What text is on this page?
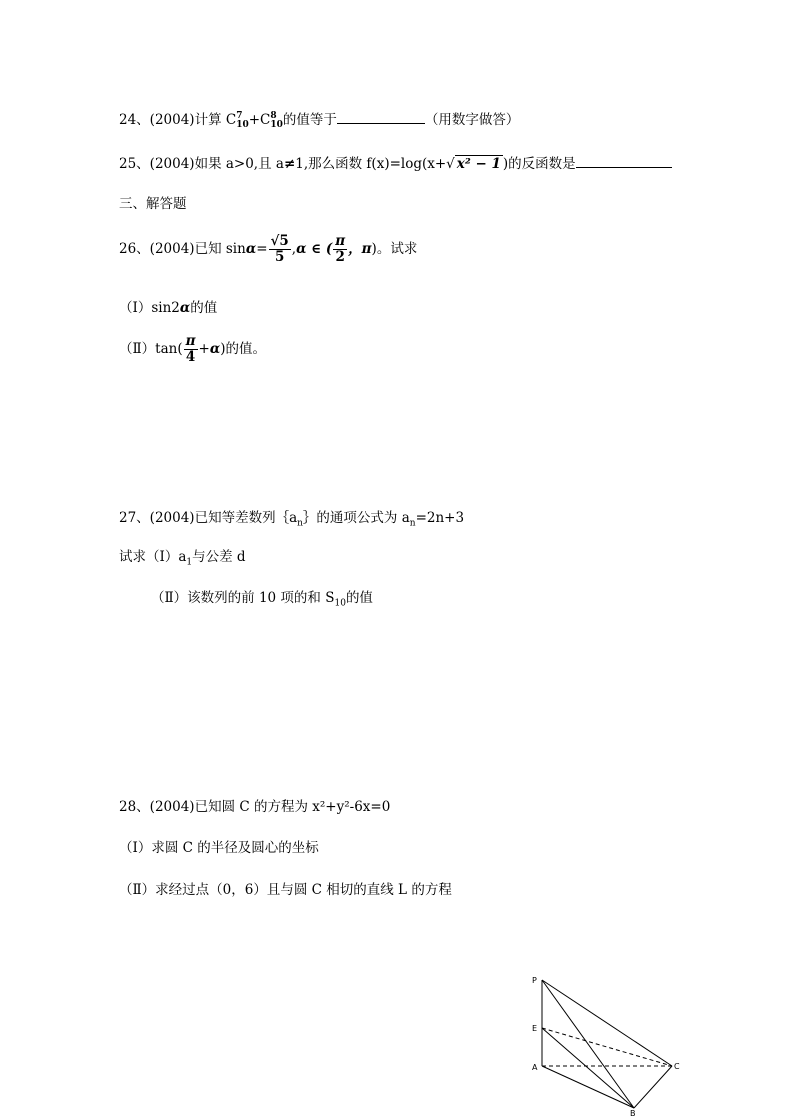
24、(2004)计算 C 7
10 +C 8
10 的值等于	（用数字做答）
25、(2004)如果 a>0,且 a≠1,那么函数 f(x)=log(x+√ x² − 1 )的反函数是
三、解答题
26、(2004)已知 $\sin\alpha= \frac{√5}{5} ,\alpha$ ∈ ( $\frac{\pi}{2}$ ，π)。试求
（Ⅰ）sin2α的值
（Ⅱ）tan( $\frac{\pi}{4} +\alpha$)的值。
27、(2004)已知等差数列$\{a_n\}$的通项公式为 $a_n=2n+3$
试求$(Ⅰ)a_1$与公差 d
（Ⅱ）该数列的前 10 项的和 $S_{10}$的值
28、(2004)已知圆 C 的方程为 x²+y²-6x=0
（Ⅰ）求圆 C 的半径及圆心的坐标
（Ⅱ）求经过点（0，6）且与圆 C 相切的直线 L 的方程
P
E
A	C
B
